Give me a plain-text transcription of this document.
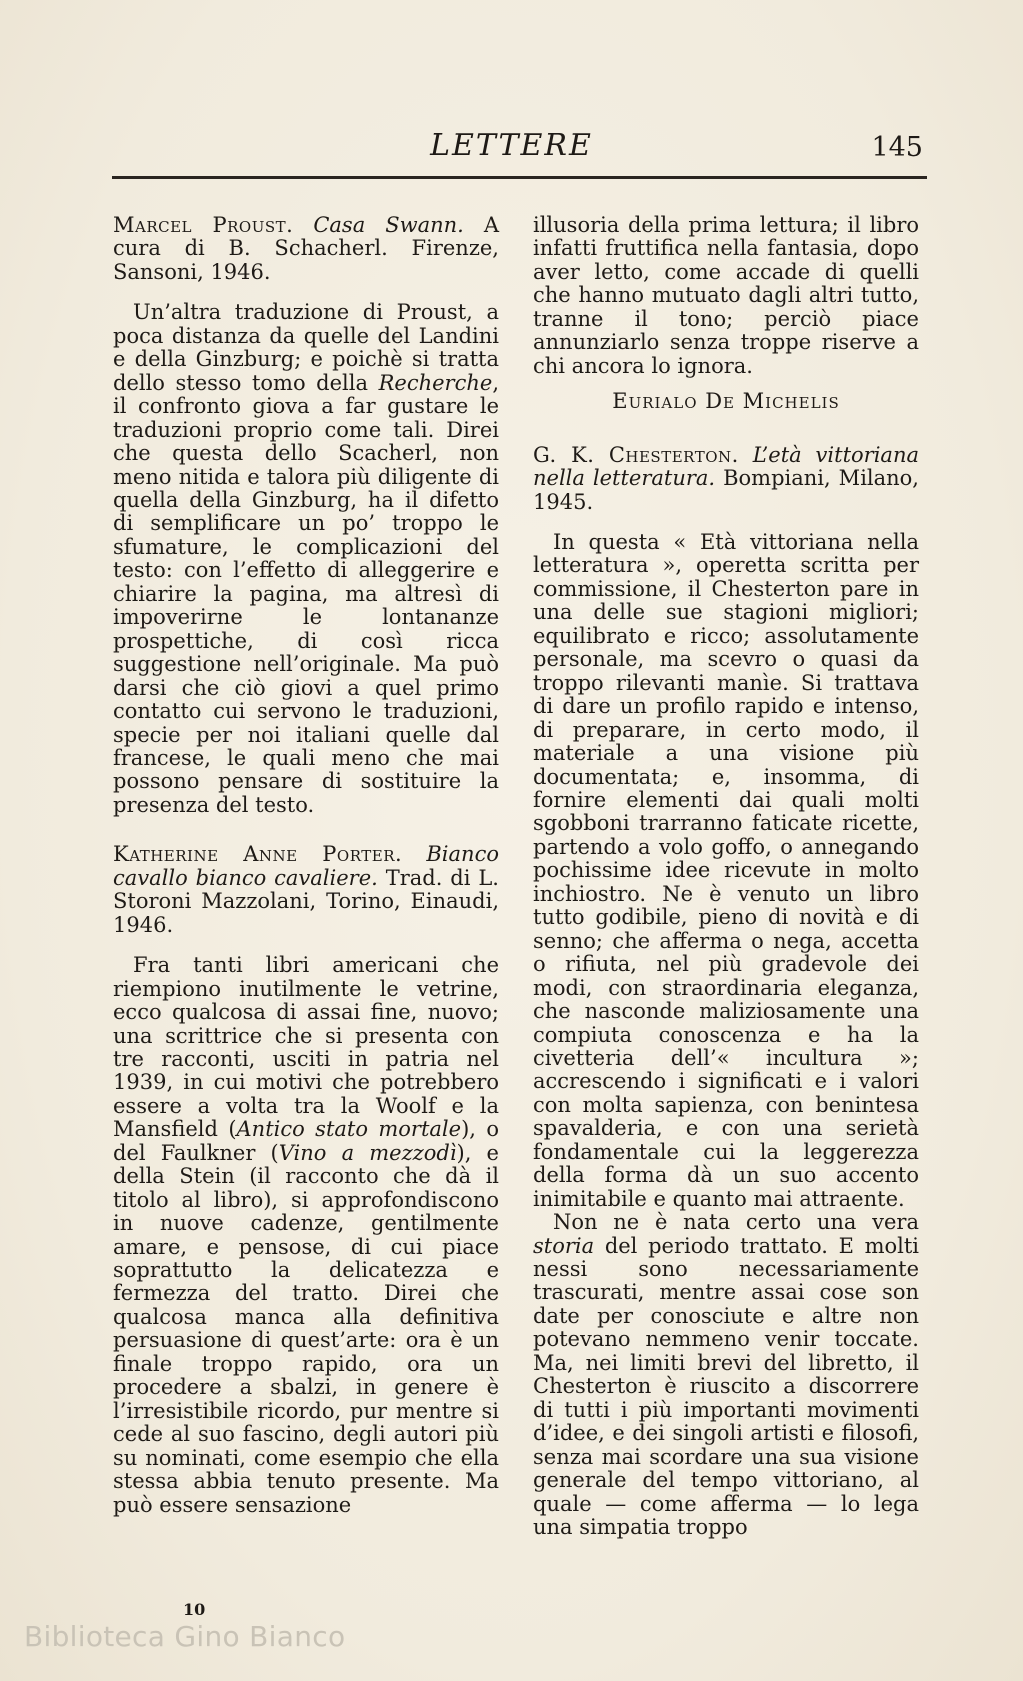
LETTERE	145

Marcel Proust. Casa Swann. A cura di B. Schacherl. Firenze, Sansoni, 1946.

Un’altra traduzione di Proust, a poca distanza da quelle del Landini e della Ginzburg; e poichè si tratta dello stesso tomo della Recherche, il confronto giova a far gustare le traduzioni proprio come tali. Direi che questa dello Scacherl, non meno nitida e talora più diligente di quella della Ginzburg, ha il difetto di semplificare un po’ troppo le sfumature, le complicazioni del testo: con l’effetto di alleggerire e chiarire la pagina, ma altresì di impoverirne le lontananze prospettiche, di così ricca suggestione nell’originale. Ma può darsi che ciò giovi a quel primo contatto cui servono le traduzioni, specie per noi italiani quelle dal francese, le quali meno che mai possono pensare di sostituire la presenza del testo.

Katherine Anne Porter. Bianco cavallo bianco cavaliere. Trad. di L. Storoni Mazzolani, Torino, Einaudi, 1946.

Fra tanti libri americani che riempiono inutilmente le vetrine, ecco qualcosa di assai fine, nuovo; una scrittrice che si presenta con tre racconti, usciti in patria nel 1939, in cui motivi che potrebbero essere a volta tra la Woolf e la Mansfield (Antico stato mortale), o del Faulkner (Vino a mezzodì), e della Stein (il racconto che dà il titolo al libro), si approfondiscono in nuove cadenze, gentilmente amare, e pensose, di cui piace soprattutto la delicatezza e fermezza del tratto. Direi che qualcosa manca alla definitiva persuasione di quest’arte: ora è un finale troppo rapido, ora un procedere a sbalzi, in genere è l’irresistibile ricordo, pur mentre si cede al suo fascino, degli autori più su nominati, come esempio che ella stessa abbia tenuto presente. Ma può essere sensazione

illusoria della prima lettura; il libro infatti fruttifica nella fantasia, dopo aver letto, come accade di quelli che hanno mutuato dagli altri tutto, tranne il tono; perciò piace annunziarlo senza troppe riserve a chi ancora lo ignora.

Eurialo De Michelis

G. K. Chesterton. L’età vittoriana nella letteratura. Bompiani, Milano, 1945.

In questa « Età vittoriana nella letteratura », operetta scritta per commissione, il Chesterton pare in una delle sue stagioni migliori; equilibrato e ricco; assolutamente personale, ma scevro o quasi da troppo rilevanti manìe. Si trattava di dare un profilo rapido e intenso, di preparare, in certo modo, il materiale a una visione più documentata; e, insomma, di fornire elementi dai quali molti sgobboni trarranno faticate ricette, partendo a volo goffo, o annegando pochissime idee ricevute in molto inchiostro. Ne è venuto un libro tutto godibile, pieno di novità e di senno; che afferma o nega, accetta o rifiuta, nel più gradevole dei modi, con straordinaria eleganza, che nasconde maliziosamente una compiuta conoscenza e ha la civetteria dell’« incultura »; accrescendo i significati e i valori con molta sapienza, con benintesa spavalderia, e con una serietà fondamentale cui la leggerezza della forma dà un suo accento inimitabile e quanto mai attraente.

Non ne è nata certo una vera storia del periodo trattato. E molti nessi sono necessariamente trascurati, mentre assai cose son date per conosciute e altre non potevano nemmeno venir toccate. Ma, nei limiti brevi del libretto, il Chesterton è riuscito a discorrere di tutti i più importanti movimenti d’idee, e dei singoli artisti e filosofi, senza mai scordare una sua visione generale del tempo vittoriano, al quale — come afferma — lo lega una simpatia troppo

10
Biblioteca Gino Bianco
